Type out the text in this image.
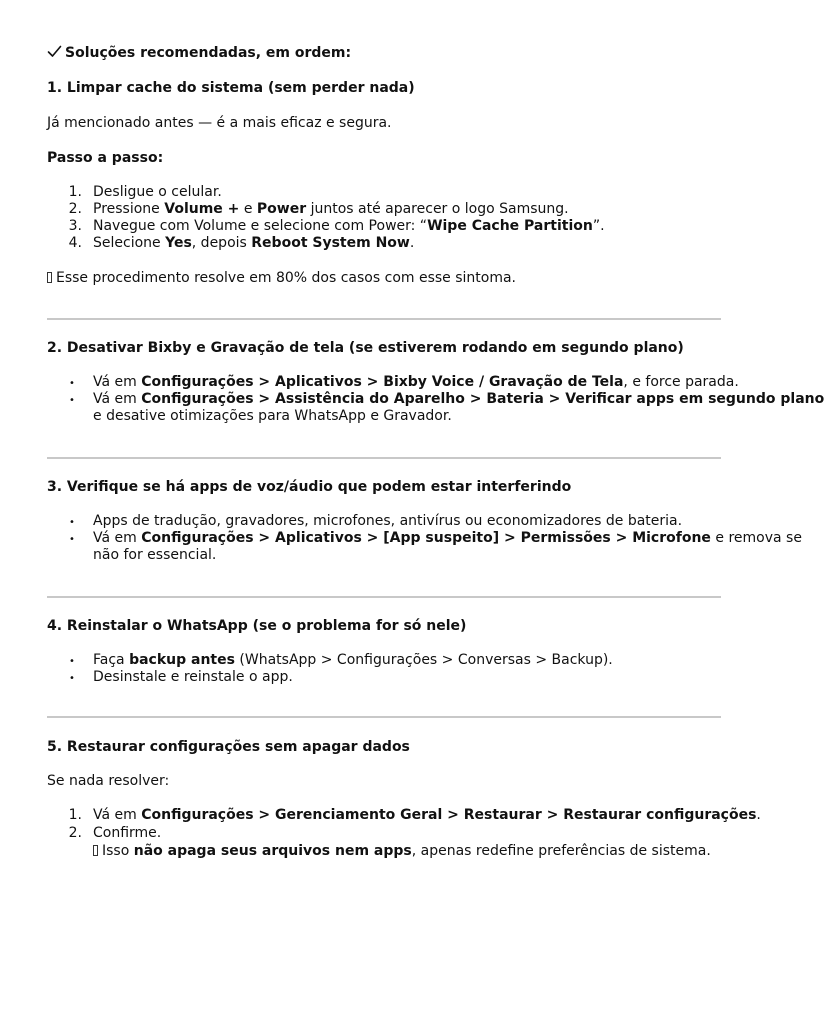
Soluções recomendadas, em ordem:
1. Limpar cache do sistema (sem perder nada)
Já mencionado antes — é a mais eficaz e segura.
Passo a passo:
1. Desligue o celular.
2. Pressione Volume + e Power juntos até aparecer o logo Samsung.
3. Navegue com Volume e selecione com Power: “Wipe Cache Partition”.
4. Selecione Yes, depois Reboot System Now.
Esse procedimento resolve em 80% dos casos com esse sintoma.
2. Desativar Bixby e Gravação de tela (se estiverem rodando em segundo plano)
• Vá em Configurações > Aplicativos > Bixby Voice / Gravação de Tela, e force parada.
• Vá em Configurações > Assistência do Aparelho > Bateria > Verificar apps em segundo plano
e desative otimizações para WhatsApp e Gravador.
3. Verifique se há apps de voz/áudio que podem estar interferindo
• Apps de tradução, gravadores, microfones, antivírus ou economizadores de bateria.
• Vá em Configurações > Aplicativos > [App suspeito] > Permissões > Microfone e remova se
não for essencial.
4. Reinstalar o WhatsApp (se o problema for só nele)
• Faça backup antes (WhatsApp > Configurações > Conversas > Backup).
• Desinstale e reinstale o app.
5. Restaurar configurações sem apagar dados
Se nada resolver:
1. Vá em Configurações > Gerenciamento Geral > Restaurar > Restaurar configurações.
2. Confirme.
Isso não apaga seus arquivos nem apps, apenas redefine preferências de sistema.
